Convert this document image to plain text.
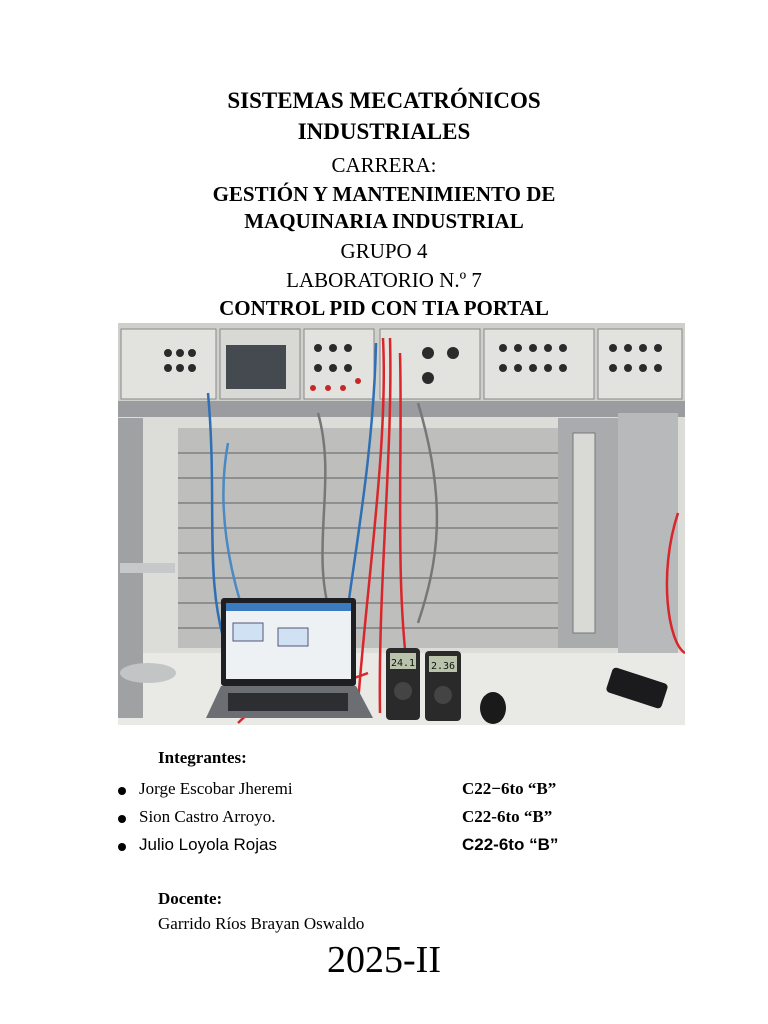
SISTEMAS MECATRÓNICOS
INDUSTRIALES
CARRERA:
GESTIÓN Y MANTENIMIENTO DE
MAQUINARIA INDUSTRIAL
GRUPO 4
LABORATORIO N.º 7
CONTROL PID CON TIA PORTAL
24.1 2.36
Integrantes:
Jorge Escobar Jheremi	C22−6to “B”
Sion Castro Arroyo.	C22-6to “B”
Julio Loyola Rojas	C22-6to “B”
Docente:
Garrido Ríos Brayan Oswaldo
2025-II
